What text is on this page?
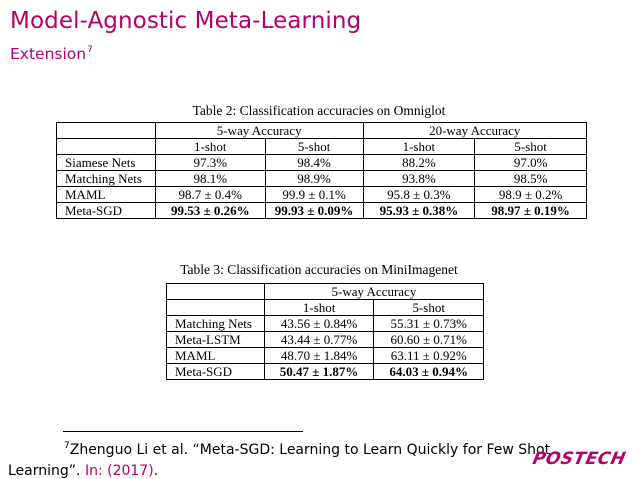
Model-Agnostic Meta-Learning
Extension$^7$
Table 2: Classification accuracies on Omniglot
	5-way Accuracy		20-way Accuracy	
	1-shot	5-shot	1-shot	5-shot
Siamese Nets	97.3%	98.4%	88.2%	97.0%
Matching Nets	98.1%	98.9%	93.8%	98.5%
MAML	98.7 ± 0.4%	99.9 ± 0.1%	95.8 ± 0.3%	98.9 ± 0.2%
Meta-SGD	99.53 ± 0.26%	99.93 ± 0.09%	95.93 ± 0.38%	98.97 ± 0.19%
Table 3: Classification accuracies on MiniImagenet
	5-way Accuracy	
	1-shot	5-shot
Matching Nets	43.56 ± 0.84%	55.31 ± 0.73%
Meta-LSTM	43.44 ± 0.77%	60.60 ± 0.71%
MAML	48.70 ± 1.84%	63.11 ± 0.92%
Meta-SGD	50.47 ± 1.87%	64.03 ± 0.94%
$^7$Zhenguo Li et al. “Meta-SGD: Learning to Learn Quickly for Few Shot
Learning”. In: (2017).
POSTECH
